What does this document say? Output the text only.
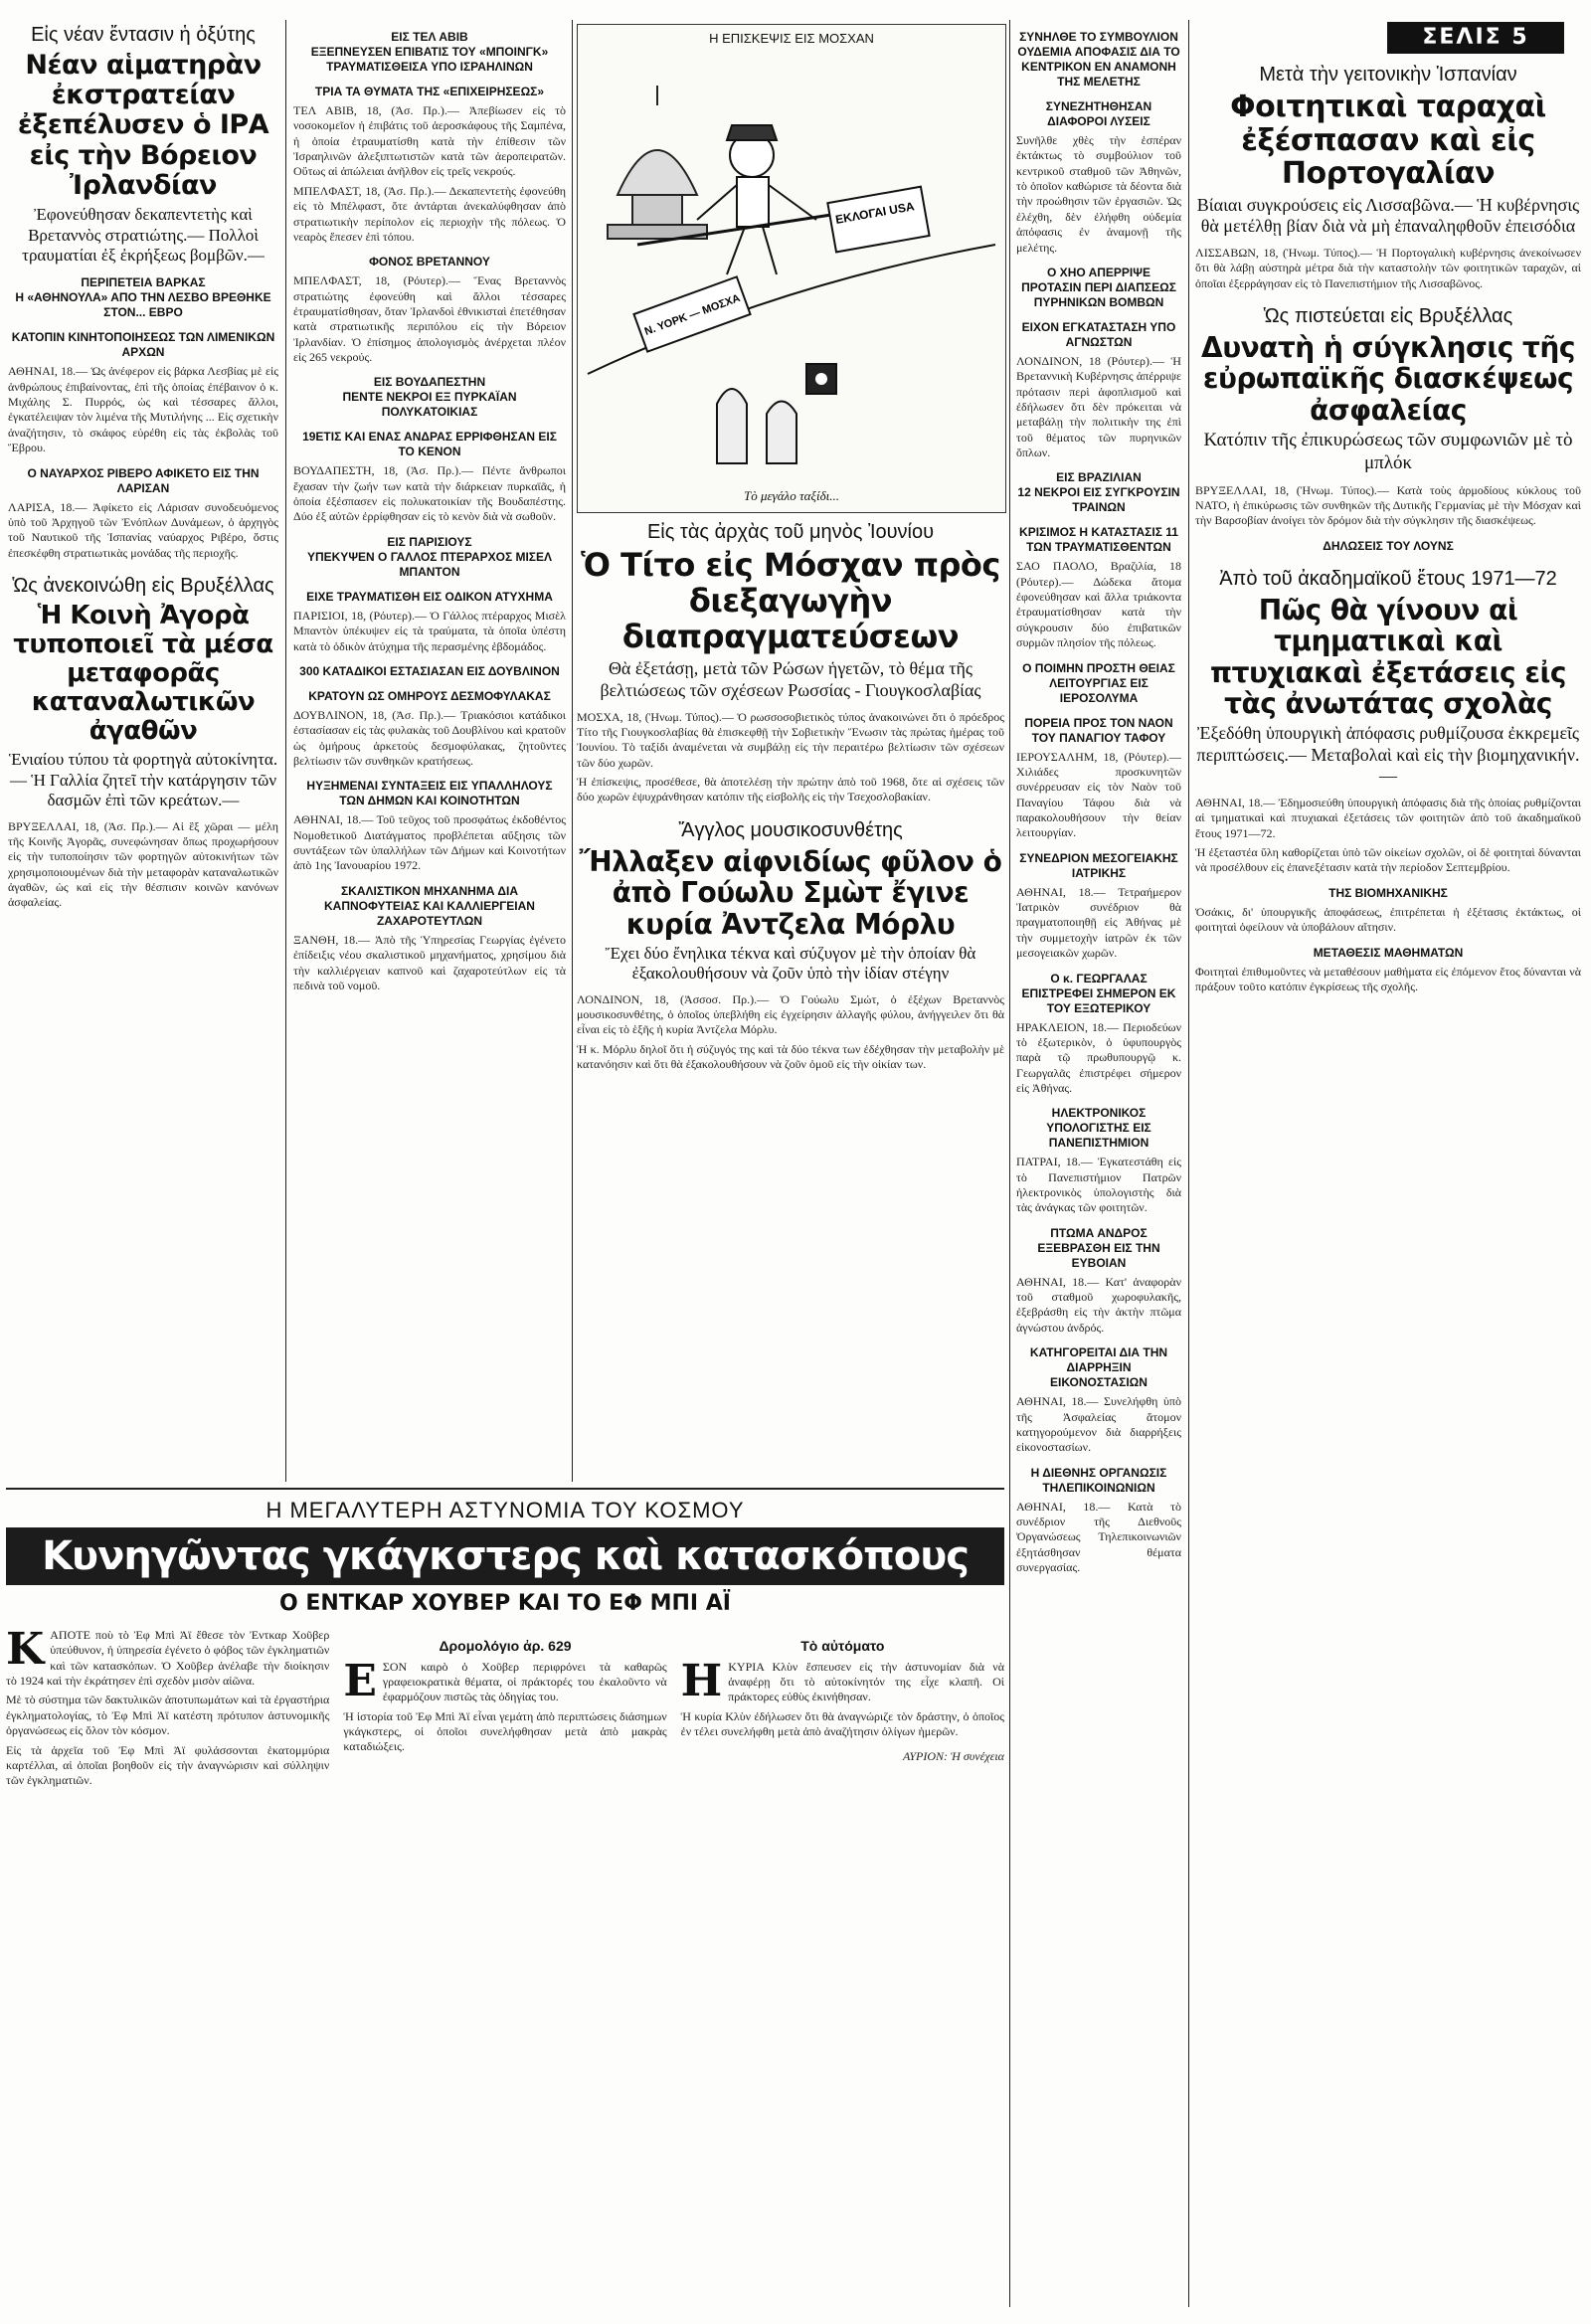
ΣΕΛΙΣ 5
Εἰς νέαν ἔντασιν ἡ ὀξύτης
Νέαν αἱματηρὰν ἐκστρατείαν ἐξεπέλυσεν ὁ ΙΡΑ εἰς τὴν Βόρειον Ἰρλανδίαν
Ἐφονεύθησαν δεκαπεντετὴς καὶ Βρεταννὸς στρατιώτης.— Πολλοὶ τραυματίαι ἐξ ἐκρήξεως βομβῶν.—
ΠΕΡΙΠΕΤΕΙΑ ΒΑΡΚΑΣ
Η «ΑΘΗΝΟΥΛΑ» ΑΠΟ ΤΗΝ ΛΕΣΒΟ ΒΡΕΘΗΚΕ ΣΤΟΝ... ΕΒΡΟ
ΚΑΤΟΠΙΝ ΚΙΝΗΤΟΠΟΙΗΣΕΩΣ ΤΩΝ ΛΙΜΕΝΙΚΩΝ ΑΡΧΩΝ

ΑΘΗΝΑΙ, 18.— Ὡς ἀνέφερον εἰς βάρκα Λεσβίας μὲ εἰς ἀνθρώπους ἐπιβαίνοντας, ἐπὶ τῆς ὁποίας ἐπέβαινον ὁ κ. Μιχάλης Σ. Πυρρός, ὡς καὶ τέσσαρες ἄλλοι, ἐγκατέλειψαν τὸν λιμένα τῆς Μυτιλήνης ... Εἰς σχετικὴν ἀναζήτησιν, τὸ σκάφος εὑρέθη εἰς τὰς ἐκβολὰς τοῦ Ἕβρου.

Ο ΝΑΥΑΡΧΟΣ ΡΙΒΕΡΟ ΑΦΙΚΕΤΟ ΕΙΣ ΤΗΝ ΛΑΡΙΣΑΝ

ΛΑΡΙΣΑ, 18.— Ἀφίκετο εἰς Λάρισαν συνοδευόμενος ὑπὸ τοῦ Ἀρχηγοῦ τῶν Ἐνόπλων Δυνάμεων, ὁ ἀρχηγὸς τοῦ Ναυτικοῦ τῆς Ἱσπανίας ναύαρχος Ριβέρο, ὅστις ἐπεσκέφθη στρατιωτικὰς μονάδας τῆς περιοχῆς.

Ὡς ἀνεκοινώθη εἰς Βρυξέλλας
Ἡ Κοινὴ Ἀγορὰ τυποποιεῖ τὰ μέσα μεταφορᾶς καταναλωτικῶν ἀγαθῶν
Ἑνιαίου τύπου τὰ φορτηγὰ αὐτοκίνητα.— Ἡ Γαλλία ζητεῖ τὴν κατάργησιν τῶν δασμῶν ἐπὶ τῶν κρεάτων.—

ΒΡΥΞΕΛΛΑΙ, 18, (Ἀσ. Πρ.).— Αἱ ἓξ χῶραι — μέλη τῆς Κοινῆς Ἀγορᾶς, συνεφώνησαν ὅπως προχωρήσουν εἰς τὴν τυποποίησιν τῶν φορτηγῶν αὐτοκινήτων τῶν χρησιμοποιουμένων διὰ τὴν μεταφορὰν καταναλωτικῶν ἀγαθῶν, ὡς καὶ εἰς τὴν θέσπισιν κοινῶν κανόνων ἀσφαλείας.

ΕΙΣ ΤΕΛ ΑΒΙΒ
ΕΞΕΠΝΕΥΣΕΝ ΕΠΙΒΑΤΙΣ ΤΟΥ «ΜΠΟΙΝΓΚ» ΤΡΑΥΜΑΤΙΣΘΕΙΣΑ ΥΠΟ ΙΣΡΑΗΛΙΝΩΝ
ΤΡΙΑ ΤΑ ΘΥΜΑΤΑ ΤΗΣ «ΕΠΙΧΕΙΡΗΣΕΩΣ»

ΤΕΛ ΑΒΙΒ, 18, (Ἀσ. Πρ.).— Ἀπεβίωσεν εἰς τὸ νοσοκομεῖον ἡ ἐπιβάτις τοῦ ἀεροσκάφους τῆς Σαμπένα, ἡ ὁποία ἐτραυματίσθη κατὰ τὴν ἐπίθεσιν τῶν Ἰσραηλινῶν ἀλεξιπτωτιστῶν κατὰ τῶν ἀεροπειρατῶν. Οὕτως αἱ ἀπώλειαι ἀνῆλθον εἰς τρεῖς νεκρούς.

ΜΠΕΛΦΑΣΤ, 18, (Ἀσ. Πρ.).— Δεκαπεντετὴς ἐφονεύθη εἰς τὸ Μπέλφαστ, ὅτε ἀντάρται ἀνεκαλύφθησαν ἀπὸ στρατιωτικὴν περίπολον εἰς περιοχὴν τῆς πόλεως. Ὁ νεαρὸς ἔπεσεν ἐπὶ τόπου.

ΦΟΝΟΣ ΒΡΕΤΑΝΝΟΥ

ΜΠΕΛΦΑΣΤ, 18, (Ρόυτερ).— Ἕνας Βρεταννὸς στρατιώτης ἐφονεύθη καὶ ἄλλοι τέσσαρες ἐτραυματίσθησαν, ὅταν Ἰρλανδοὶ ἐθνικισταὶ ἐπετέθησαν κατὰ στρατιωτικῆς περιπόλου εἰς τὴν Βόρειον Ἰρλανδίαν. Ὁ ἐπίσημος ἀπολογισμὸς ἀνέρχεται πλέον εἰς 265 νεκρούς.

ΕΙΣ ΒΟΥΔΑΠΕΣΤΗΝ
ΠΕΝΤΕ ΝΕΚΡΟΙ ΕΞ ΠΥΡΚΑΪΑΝ ΠΟΛΥΚΑΤΟΙΚΙΑΣ
19ΕΤΙΣ ΚΑΙ ΕΝΑΣ ΑΝΔΡΑΣ ΕΡΡΙΦΘΗΣΑΝ ΕΙΣ ΤΟ ΚΕΝΟΝ

ΒΟΥΔΑΠΕΣΤΗ, 18, (Ἀσ. Πρ.).— Πέντε ἄνθρωποι ἔχασαν τὴν ζωήν των κατὰ τὴν διάρκειαν πυρκαϊᾶς, ἡ ὁποία ἐξέσπασεν εἰς πολυκατοικίαν τῆς Βουδαπέστης. Δύο ἐξ αὐτῶν ἐρρίφθησαν εἰς τὸ κενὸν διὰ νὰ σωθοῦν.

ΕΙΣ ΠΑΡΙΣΙΟΥΣ
ΥΠΕΚΥΨΕΝ Ο ΓΑΛΛΟΣ ΠΤΕΡΑΡΧΟΣ ΜΙΣΕΛ ΜΠΑΝΤΟΝ
ΕΙΧΕ ΤΡΑΥΜΑΤΙΣΘΗ ΕΙΣ ΟΔΙΚΟΝ ΑΤΥΧΗΜΑ

ΠΑΡΙΣΙΟΙ, 18, (Ρόυτερ).— Ὁ Γάλλος πτέραρχος Μισὲλ Μπαντὸν ὑπέκυψεν εἰς τὰ τραύματα, τὰ ὁποῖα ὑπέστη κατὰ τὸ ὁδικὸν ἀτύχημα τῆς περασμένης ἑβδομάδος.

300 ΚΑΤΑΔΙΚΟΙ ΕΣΤΑΣΙΑΣΑΝ ΕΙΣ ΔΟΥΒΛΙΝΟΝ
ΚΡΑΤΟΥΝ ΩΣ ΟΜΗΡΟΥΣ ΔΕΣΜΟΦΥΛΑΚΑΣ

ΔΟΥΒΛΙΝΟΝ, 18, (Ἀσ. Πρ.).— Τριακόσιοι κατάδικοι ἐστασίασαν εἰς τὰς φυλακὰς τοῦ Δουβλίνου καὶ κρατοῦν ὡς ὁμήρους ἀρκετοὺς δεσμοφύλακας, ζητοῦντες βελτίωσιν τῶν συνθηκῶν κρατήσεως.

ΗΥΞΗΜΕΝΑΙ ΣΥΝΤΑΞΕΙΣ ΕΙΣ ΥΠΑΛΛΗΛΟΥΣ ΤΩΝ ΔΗΜΩΝ ΚΑΙ ΚΟΙΝΟΤΗΤΩΝ

ΑΘΗΝΑΙ, 18.— Τοῦ τεῦχος τοῦ προσφάτως ἐκδοθέντος Νομοθετικοῦ Διατάγματος προβλέπεται αὔξησις τῶν συντάξεων τῶν ὑπαλλήλων τῶν Δήμων καὶ Κοινοτήτων ἀπὸ 1ης Ἰανουαρίου 1972.

ΣΚΑΛΙΣΤΙΚΟΝ ΜΗΧΑΝΗΜΑ ΔΙΑ ΚΑΠΝΟΦΥΤΕΙΑΣ ΚΑΙ ΚΑΛΛΙΕΡΓΕΙΑΝ ΖΑΧΑΡΟΤΕΥΤΛΩΝ

ΞΑΝΘΗ, 18.— Ἀπὸ τῆς Ὑπηρεσίας Γεωργίας ἐγένετο ἐπίδειξις νέου σκαλιστικοῦ μηχανήματος, χρησίμου διὰ τὴν καλλιέργειαν καπνοῦ καὶ ζαχαροτεύτλων εἰς τὰ πεδινὰ τοῦ νομοῦ.

Η ΕΠΙΣΚΕΨΙΣ ΕΙΣ ΜΟΣΧΑΝ
ΕΚΛΟΓΑΙ USA
Ν. ΥΟΡΚ — ΜΟΣΧΑ
Τὸ μεγάλο ταξίδι...
Εἰς τὰς ἀρχὰς τοῦ μηνὸς Ἰουνίου
Ὁ Τίτο εἰς Μόσχαν πρὸς διεξαγωγὴν διαπραγματεύσεων
Θὰ ἐξετάσῃ, μετὰ τῶν Ρώσων ἡγετῶν, τὸ θέμα τῆς βελτιώσεως τῶν σχέσεων Ρωσσίας - Γιουγκοσλαβίας

ΜΟΣΧΑ, 18, (Ἡνωμ. Τύπος).— Ὁ ρωσσοσοβιετικὸς τύπος ἀνακοινώνει ὅτι ὁ πρόεδρος Τίτο τῆς Γιουγκοσλαβίας θὰ ἐπισκεφθῇ τὴν Σοβιετικὴν Ἕνωσιν τὰς πρώτας ἡμέρας τοῦ Ἰουνίου. Τὸ ταξίδι ἀναμένεται νὰ συμβάλῃ εἰς τὴν περαιτέρω βελτίωσιν τῶν σχέσεων τῶν δύο χωρῶν.

Ἡ ἐπίσκεψις, προσέθεσε, θὰ ἀποτελέσῃ τὴν πρώτην ἀπὸ τοῦ 1968, ὅτε αἱ σχέσεις τῶν δύο χωρῶν ἐψυχράνθησαν κατόπιν τῆς εἰσβολῆς εἰς τὴν Τσεχοσλοβακίαν.

Ἄγγλος μουσικοσυνθέτης
Ἤλλαξεν αἰφνιδίως φῦλον ὁ ἀπὸ Γούωλυ Σμὼτ ἔγινε κυρία Ἀντζελα Μόρλυ
Ἔχει δύο ἔνηλικα τέκνα καὶ σύζυγον μὲ τὴν ὁποίαν θὰ ἐξακολουθήσουν νὰ ζοῦν ὑπὸ τὴν ἰδίαν στέγην

ΛΟΝΔΙΝΟΝ, 18, (Ἀσσοσ. Πρ.).— Ὁ Γούωλυ Σμώτ, ὁ ἐξέχων Βρεταννὸς μουσικοσυνθέτης, ὁ ὁποῖος ὑπεβλήθη εἰς ἐγχείρησιν ἀλλαγῆς φύλου, ἀνήγγειλεν ὅτι θὰ εἶναι εἰς τὸ ἑξῆς ἡ κυρία Ἀντζελα Μόρλυ.

Ἡ κ. Μόρλυ δηλοῖ ὅτι ἡ σύζυγός της καὶ τὰ δύο τέκνα των ἐδέχθησαν τὴν μεταβολὴν μὲ κατανόησιν καὶ ὅτι θὰ ἐξακολουθήσουν νὰ ζοῦν ὁμοῦ εἰς τὴν οἰκίαν των.

ΣΥΝΗΛΘΕ ΤΟ ΣΥΜΒΟΥΛΙΟΝ
ΟΥΔΕΜΙΑ ΑΠΟΦΑΣΙΣ ΔΙΑ ΤΟ ΚΕΝΤΡΙΚΟΝ ΕΝ ΑΝΑΜΟΝΗ ΤΗΣ ΜΕΛΕΤΗΣ
ΣΥΝΕΖΗΤΗΘΗΣΑΝ ΔΙΑΦΟΡΟΙ ΛΥΣΕΙΣ

Συνῆλθε χθὲς τὴν ἑσπέραν ἐκτάκτως τὸ συμβούλιον τοῦ κεντρικοῦ σταθμοῦ τῶν Ἀθηνῶν, τὸ ὁποῖον καθώρισε τὰ δέοντα διὰ τὴν προώθησιν τῶν ἐργασιῶν. Ὡς ἐλέχθη, δὲν ἐλήφθη οὐδεμία ἀπόφασις ἐν ἀναμονῇ τῆς μελέτης.

Ο ΧΗΟ ΑΠΕΡΡΙΨΕ ΠΡΟΤΑΣΙΝ ΠΕΡΙ ΔΙΑΠΣΕΩΣ ΠΥΡΗΝΙΚΩΝ ΒΟΜΒΩΝ
ΕΙΧΟΝ ΕΓΚΑΤΑΣΤΑΣΗ ΥΠΟ ΑΓΝΩΣΤΩΝ

ΛΟΝΔΙΝΟΝ, 18 (Ρόυτερ).— Ἡ Βρεταννικὴ Κυβέρνησις ἀπέρριψε πρότασιν περὶ ἀφοπλισμοῦ καὶ ἐδήλωσεν ὅτι δὲν πρόκειται νὰ μεταβάλῃ τὴν πολιτικὴν της ἐπὶ τοῦ θέματος τῶν πυρηνικῶν ὅπλων.

ΕΙΣ ΒΡΑΖΙΛΙΑΝ
12 ΝΕΚΡΟΙ ΕΙΣ ΣΥΓΚΡΟΥΣΙΝ ΤΡΑΙΝΩΝ
ΚΡΙΣΙΜΟΣ Η ΚΑΤΑΣΤΑΣΙΣ 11 ΤΩΝ ΤΡΑΥΜΑΤΙΣΘΕΝΤΩΝ

ΣΑΟ ΠΑΟΛΟ, Βραζιλία, 18 (Ρόυτερ).— Δώδεκα ἄτομα ἐφονεύθησαν καὶ ἄλλα τριάκοντα ἐτραυματίσθησαν κατὰ τὴν σύγκρουσιν δύο ἐπιβατικῶν συρμῶν πλησίον τῆς πόλεως.

Ο ΠΟΙΜΗΝ ΠΡΟΣΤΗ ΘΕΙΑΣ ΛΕΙΤΟΥΡΓΙΑΣ ΕΙΣ ΙΕΡΟΣΟΛΥΜΑ
ΠΟΡΕΙΑ ΠΡΟΣ ΤΟΝ ΝΑΟΝ ΤΟΥ ΠΑΝΑΓΙΟΥ ΤΑΦΟΥ

ΙΕΡΟΥΣΑΛΗΜ, 18, (Ρόυτερ).— Χιλιάδες προσκυνητῶν συνέρρευσαν εἰς τὸν Ναὸν τοῦ Παναγίου Τάφου διὰ νὰ παρακολουθήσουν τὴν θείαν λειτουργίαν.

ΣΥΝΕΔΡΙΟΝ ΜΕΣΟΓΕΙΑΚΗΣ ΙΑΤΡΙΚΗΣ

ΑΘΗΝΑΙ, 18.— Τετραήμερον Ἰατρικὸν συνέδριον θὰ πραγματοποιηθῇ εἰς Ἀθήνας μὲ τὴν συμμετοχὴν ἰατρῶν ἐκ τῶν μεσογειακῶν χωρῶν.

Ο κ. ΓΕΩΡΓΑΛΑΣ ΕΠΙΣΤΡΕΦΕΙ ΣΗΜΕΡΟΝ ΕΚ ΤΟΥ ΕΞΩΤΕΡΙΚΟΥ

ΗΡΑΚΛΕΙΟΝ, 18.— Περιοδεύων τὸ ἐξωτερικὸν, ὁ ὑφυπουργὸς παρὰ τῷ πρωθυπουργῷ κ. Γεωργαλᾶς ἐπιστρέφει σήμερον εἰς Ἀθήνας.

ΗΛΕΚΤΡΟΝΙΚΟΣ ΥΠΟΛΟΓΙΣΤΗΣ ΕΙΣ ΠΑΝΕΠΙΣΤΗΜΙΟΝ

ΠΑΤΡΑΙ, 18.— Ἐγκατεστάθη εἰς τὸ Πανεπιστήμιον Πατρῶν ἠλεκτρονικὸς ὑπολογιστὴς διὰ τὰς ἀνάγκας τῶν φοιτητῶν.

ΠΤΩΜΑ ΑΝΔΡΟΣ ΕΞΕΒΡΑΣΘΗ ΕΙΣ ΤΗΝ ΕΥΒΟΙΑΝ

ΑΘΗΝΑΙ, 18.— Κατ' ἀναφορὰν τοῦ σταθμοῦ χωροφυλακῆς, ἐξεβράσθη εἰς τὴν ἀκτὴν πτῶμα ἀγνώστου ἀνδρός.

ΚΑΤΗΓΟΡΕΙΤΑΙ ΔΙΑ ΤΗΝ ΔΙΑΡΡΗΞΙΝ ΕΙΚΟΝΟΣΤΑΣΙΩΝ

ΑΘΗΝΑΙ, 18.— Συνελήφθη ὑπὸ τῆς Ἀσφαλείας ἄτομον κατηγορούμενον διὰ διαρρήξεις εἰκονοστασίων.

Η ΔΙΕΘΝΗΣ ΟΡΓΑΝΩΣΙΣ ΤΗΛΕΠΙΚΟΙΝΩΝΙΩΝ

ΑΘΗΝΑΙ, 18.— Κατὰ τὸ συνέδριον τῆς Διεθνοῦς Ὀργανώσεως Τηλεπικοινωνιῶν ἐξητάσθησαν θέματα συνεργασίας.

Μετὰ τὴν γειτονικὴν Ἱσπανίαν
Φοιτητικαὶ ταραχαὶ ἐξέσπασαν καὶ εἰς Πορτογαλίαν
Βίαιαι συγκρούσεις εἰς Λισσαβῶνα.— Ἡ κυβέρνησις θὰ μετέλθῃ βίαν διὰ νὰ μὴ ἐπαναληφθοῦν ἐπεισόδια

ΛΙΣΣΑΒΩΝ, 18, (Ἡνωμ. Τύπος).— Ἡ Πορτογαλικὴ κυβέρνησις ἀνεκοίνωσεν ὅτι θὰ λάβῃ αὐστηρὰ μέτρα διὰ τὴν καταστολὴν τῶν φοιτητικῶν ταραχῶν, αἱ ὁποῖαι ἐξερράγησαν εἰς τὸ Πανεπιστήμιον τῆς Λισσαβῶνος.

Ὡς πιστεύεται εἰς Βρυξέλλας
Δυνατὴ ἡ σύγκλησις τῆς εὐρωπαϊκῆς διασκέψεως ἀσφαλείας
Κατόπιν τῆς ἐπικυρώσεως τῶν συμφωνιῶν μὲ τὸ μπλόκ

ΒΡΥΞΕΛΛΑΙ, 18, (Ἡνωμ. Τύπος).— Κατὰ τοὺς ἁρμοδίους κύκλους τοῦ ΝΑΤΟ, ἡ ἐπικύρωσις τῶν συνθηκῶν τῆς Δυτικῆς Γερμανίας μὲ τὴν Μόσχαν καὶ τὴν Βαρσοβίαν ἀνοίγει τὸν δρόμον διὰ τὴν σύγκλησιν τῆς διασκέψεως.

ΔΗΛΩΣΕΙΣ ΤΟΥ ΛΟΥΝΣ
Ἀπὸ τοῦ ἀκαδημαϊκοῦ ἔτους 1971—72
Πῶς θὰ γίνουν αἱ τμηματικαὶ καὶ πτυχιακαὶ ἐξετάσεις εἰς τὰς ἀνωτάτας σχολὰς
Ἐξεδόθη ὑπουργικὴ ἀπόφασις ρυθμίζουσα ἐκκρεμεῖς περιπτώσεις.— Μεταβολαὶ καὶ εἰς τὴν βιομηχανικήν.—

ΑΘΗΝΑΙ, 18.— Ἐδημοσιεύθη ὑπουργικὴ ἀπόφασις διὰ τῆς ὁποίας ρυθμίζονται αἱ τμηματικαὶ καὶ πτυχιακαὶ ἐξετάσεις τῶν φοιτητῶν ἀπὸ τοῦ ἀκαδημαϊκοῦ ἔτους 1971—72.

Ἡ ἐξεταστέα ὕλη καθορίζεται ὑπὸ τῶν οἰκείων σχολῶν, οἱ δὲ φοιτηταὶ δύνανται νὰ προσέλθουν εἰς ἐπανεξέτασιν κατὰ τὴν περίοδον Σεπτεμβρίου.

ΤΗΣ ΒΙΟΜΗΧΑΝΙΚΗΣ

Ὁσάκις, δι' ὑπουργικῆς ἀποφάσεως, ἐπιτρέπεται ἡ ἐξέτασις ἐκτάκτως, οἱ φοιτηταὶ ὀφείλουν νὰ ὑποβάλουν αἴτησιν.

ΜΕΤΑΘΕΣΙΣ ΜΑΘΗΜΑΤΩΝ

Φοιτηταὶ ἐπιθυμοῦντες νὰ μεταθέσουν μαθήματα εἰς ἐπόμενον ἔτος δύνανται νὰ πράξουν τοῦτο κατόπιν ἐγκρίσεως τῆς σχολῆς.

Η ΜΕΓΑΛΥΤΕΡΗ ΑΣΤΥΝΟΜΙΑ ΤΟΥ ΚΟΣΜΟΥ
Κυνηγῶντας γκάγκστερς καὶ κατασκόπους
Ο ΕΝΤΚΑΡ ΧΟΥΒΕΡ ΚΑΙ ΤΟ ΕΦ ΜΠΙ ΑΪ
Κ ΑΠΟΤΕ ποὺ τὸ Ἐφ Μπὶ Ἀϊ ἔθεσε τὸν Ἐντκαρ Χοῦβερ ὑπεύθυνον, ἡ ὑπηρεσία ἐγένετο ὁ φόβος τῶν ἐγκληματιῶν καὶ τῶν κατασκόπων. Ὁ Χοῦβερ ἀνέλαβε τὴν διοίκησιν τὸ 1924 καὶ τὴν ἐκράτησεν ἐπὶ σχεδὸν μισὸν αἰῶνα.

Μὲ τὸ σύστημα τῶν δακτυλικῶν ἀποτυπωμάτων καὶ τὰ ἐργαστήρια ἐγκληματολογίας, τὸ Ἐφ Μπὶ Ἀϊ κατέστη πρότυπον ἀστυνομικῆς ὀργανώσεως εἰς ὅλον τὸν κόσμον.

Εἰς τὰ ἀρχεῖα τοῦ Ἐφ Μπὶ Ἀϊ φυλάσσονται ἑκατομμύρια καρτέλλαι, αἱ ὁποῖαι βοηθοῦν εἰς τὴν ἀναγνώρισιν καὶ σύλληψιν τῶν ἐγκληματιῶν.

Δρομολόγιο ἀρ. 629
Ε ΣΟΝ καιρὸ ὁ Χοῦβερ περιφρόνει τὰ καθαρῶς γραφειοκρατικὰ θέματα, οἱ πράκτορές του ἐκαλοῦντο νὰ ἐφαρμόζουν πιστῶς τὰς ὁδηγίας του.

Ἡ ἱστορία τοῦ Ἐφ Μπὶ Ἀϊ εἶναι γεμάτη ἀπὸ περιπτώσεις διάσημων γκάγκστερς, οἱ ὁποῖοι συνελήφθησαν μετὰ ἀπὸ μακρὰς καταδιώξεις.

Τὸ αὐτόματο
Η ΚΥΡΙΑ Κλὺν ἔσπευσεν εἰς τὴν ἀστυνομίαν διὰ νὰ ἀναφέρῃ ὅτι τὸ αὐτοκίνητόν της εἶχε κλαπῆ. Οἱ πράκτορες εὐθὺς ἐκινήθησαν.

Ἡ κυρία Κλὺν ἐδήλωσεν ὅτι θὰ ἀναγνώριζε τὸν δράστην, ὁ ὁποῖος ἐν τέλει συνελήφθη μετὰ ἀπὸ ἀναζήτησιν ὀλίγων ἡμερῶν.

ΑΥΡΙΟΝ: Ἡ συνέχεια
